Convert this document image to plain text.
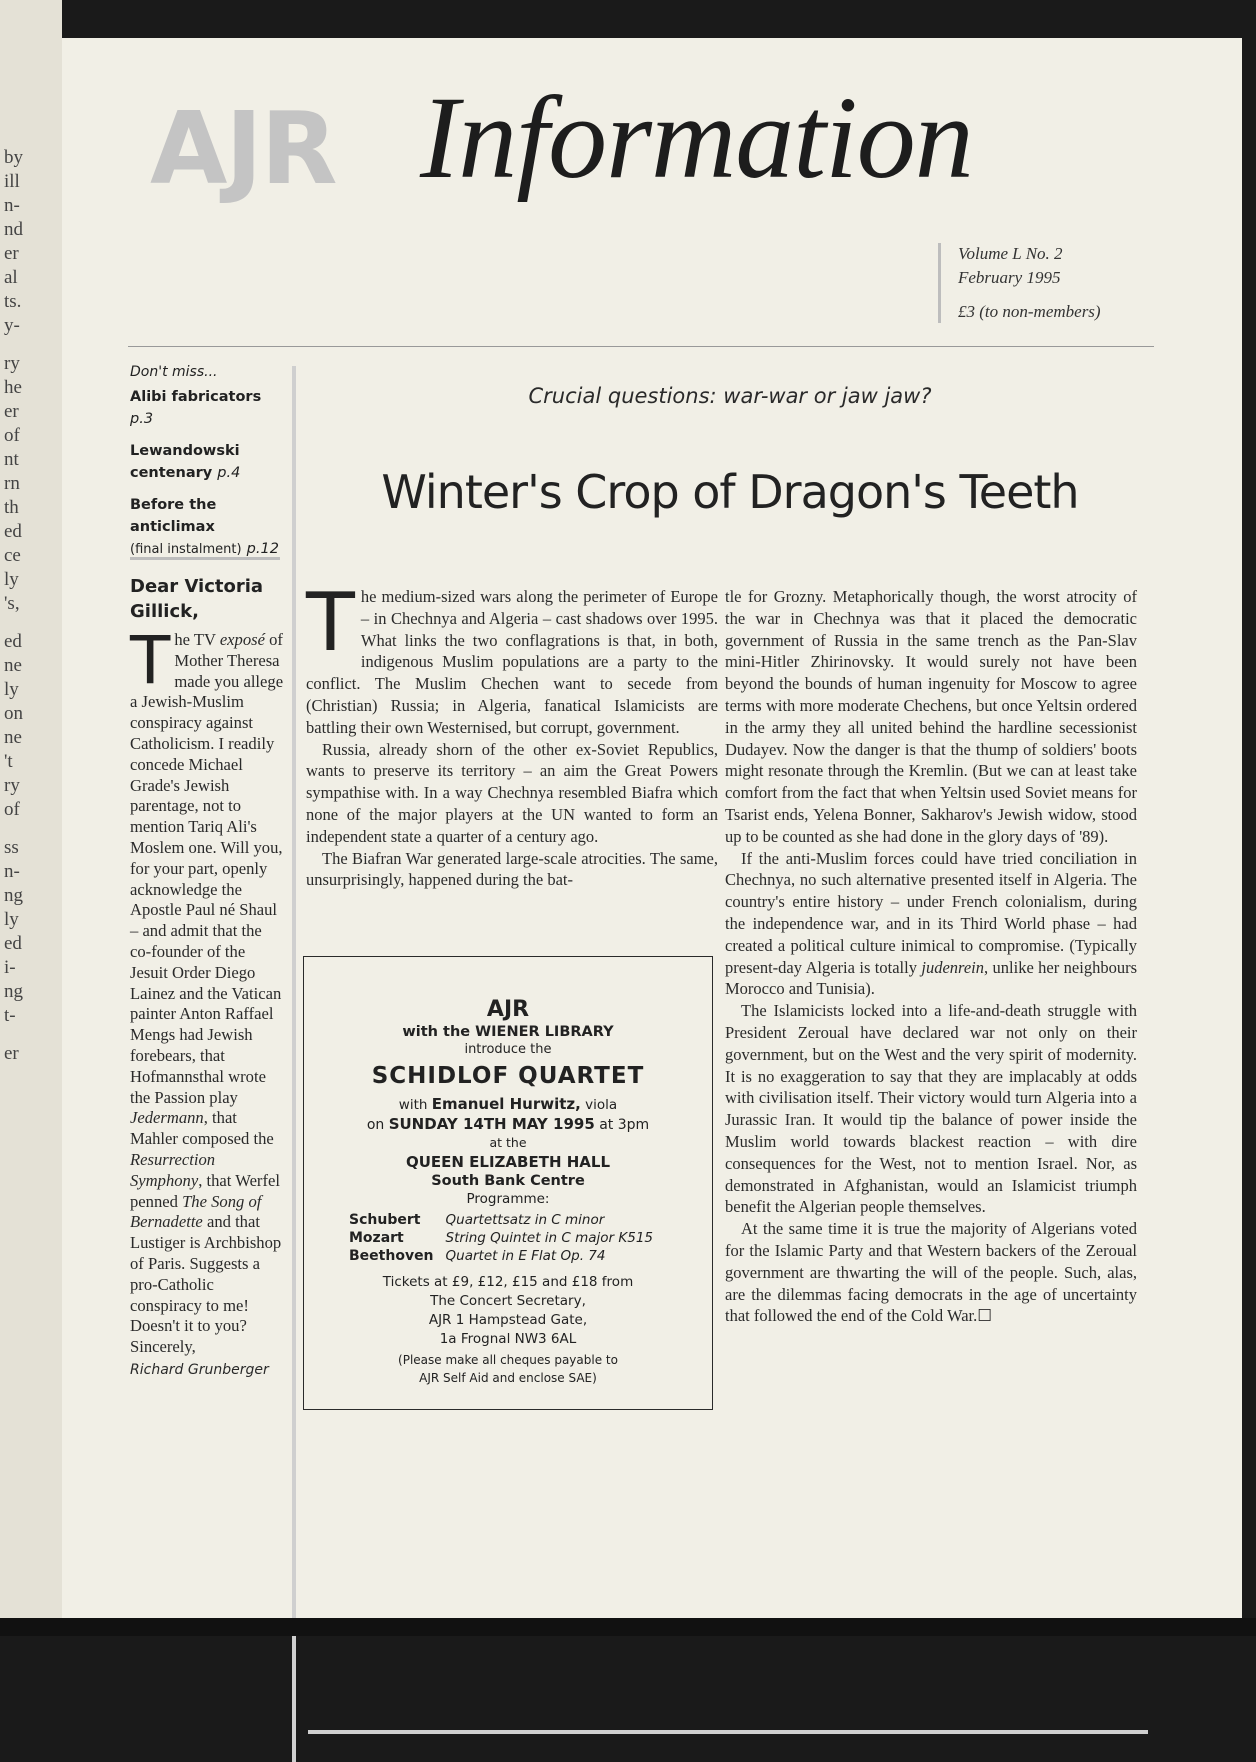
by
ill
n-
nd
er
al
ts.
y-
ry
he
er
of
nt
rn
th
ed
ce
ly
's,
ed
ne
ly
on
ne
't
ry
of
ss
n-
ng
ly
ed
i-
ng
t-
er
AJR Information
Volume L No. 2
February 1995
£3 (to non-members)
Don't miss...
Alibi fabricators
p.3
Lewandowski centenary p.4
Before the anticlimax
(final instalment) p.12
Dear Victoria Gillick,
The TV exposé of Mother Theresa made you allege a Jewish-Muslim conspiracy against Catholicism. I readily concede Michael Grade's Jewish parentage, not to mention Tariq Ali's Moslem one. Will you, for your part, openly acknowledge the Apostle Paul né Shaul – and admit that the co-founder of the Jesuit Order Diego Lainez and the Vatican painter Anton Raffael Mengs had Jewish forebears, that Hofmannsthal wrote the Passion play Jedermann, that Mahler composed the Resurrection Symphony, that Werfel penned The Song of Bernadette and that Lustiger is Archbishop of Paris. Suggests a pro-Catholic conspiracy to me! Doesn't it to you? Sincerely,
Richard Grunberger
Crucial questions: war-war or jaw jaw?
Winter's Crop of Dragon's Teeth

The medium-sized wars along the perimeter of Europe – in Chechnya and Algeria – cast shadows over 1995. What links the two conflagrations is that, in both, indigenous Muslim populations are a party to the conflict. The Muslim Chechen want to secede from (Christian) Russia; in Algeria, fanatical Islamicists are battling their own Westernised, but corrupt, government.

Russia, already shorn of the other ex-Soviet Republics, wants to preserve its territory – an aim the Great Powers sympathise with. In a way Chechnya resembled Biafra which none of the major players at the UN wanted to form an independent state a quarter of a century ago.

The Biafran War generated large-scale atrocities. The same, unsurprisingly, happened during the bat-

tle for Grozny. Metaphorically though, the worst atrocity of the war in Chechnya was that it placed the democratic government of Russia in the same trench as the Pan-Slav mini-Hitler Zhirinovsky. It would surely not have been beyond the bounds of human ingenuity for Moscow to agree terms with more moderate Chechens, but once Yeltsin ordered in the army they all united behind the hardline secessionist Dudayev. Now the danger is that the thump of soldiers' boots might resonate through the Kremlin. (But we can at least take comfort from the fact that when Yeltsin used Soviet means for Tsarist ends, Yelena Bonner, Sakharov's Jewish widow, stood up to be counted as she had done in the glory days of '89).

If the anti-Muslim forces could have tried conciliation in Chechnya, no such alternative presented itself in Algeria. The country's entire history – under French colonialism, during the independence war, and in its Third World phase – had created a political culture inimical to compromise. (Typically present-day Algeria is totally judenrein, unlike her neighbours Morocco and Tunisia).

The Islamicists locked into a life-and-death struggle with President Zeroual have declared war not only on their government, but on the West and the very spirit of modernity. It is no exaggeration to say that they are implacably at odds with civilisation itself. Their victory would turn Algeria into a Jurassic Iran. It would tip the balance of power inside the Muslim world towards blackest reaction – with dire consequences for the West, not to mention Israel. Nor, as demonstrated in Afghanistan, would an Islamicist triumph benefit the Algerian people themselves.

At the same time it is true the majority of Algerians voted for the Islamic Party and that Western backers of the Zeroual government are thwarting the will of the people. Such, alas, are the dilemmas facing democrats in the age of uncertainty that followed the end of the Cold War.☐

AJR
with the WIENER LIBRARY
introduce the
SCHIDLOF QUARTET
with Emanuel Hurwitz, viola
on SUNDAY 14TH MAY 1995 at 3pm
at the
QUEEN ELIZABETH HALL
South Bank Centre
Programme:
Schubert	Quartettsatz in C minor
Mozart	String Quintet in C major K515
Beethoven	Quartet in E Flat Op. 74
Tickets at £9, £12, £15 and £18 from
The Concert Secretary,
AJR 1 Hampstead Gate,
1a Frognal NW3 6AL
(Please make all cheques payable to
AJR Self Aid and enclose SAE)
